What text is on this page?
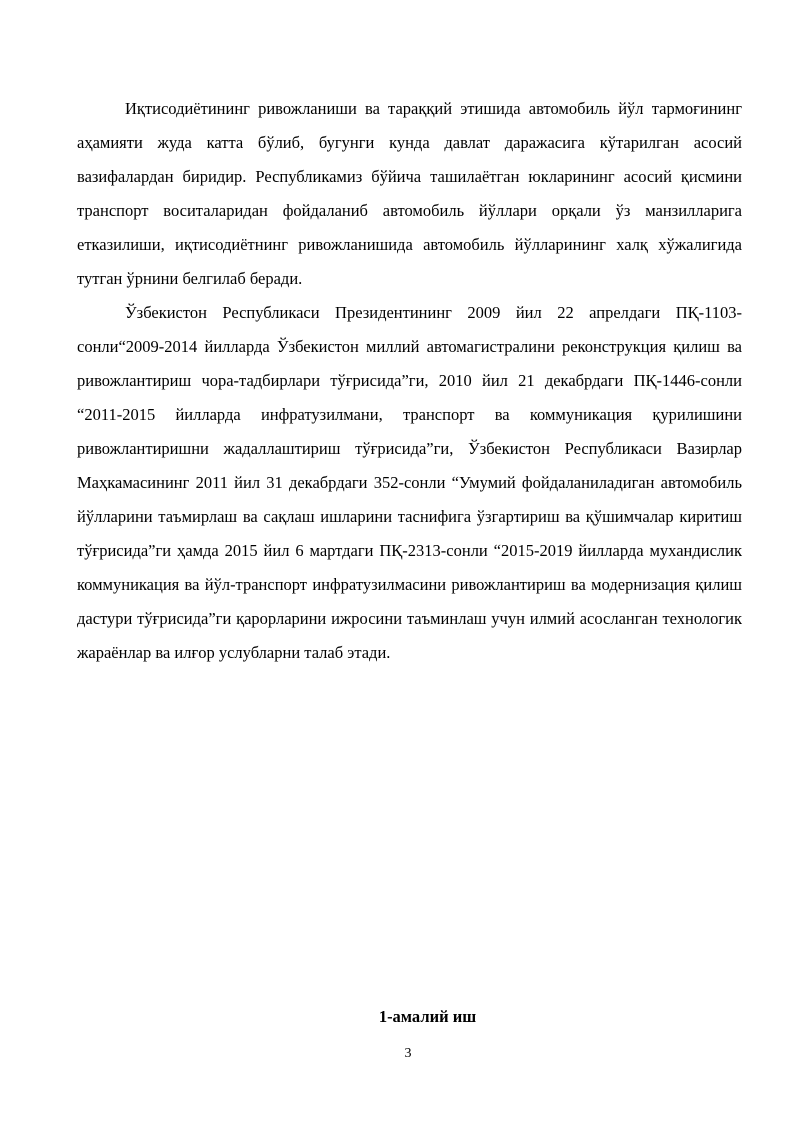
Иқтисодиётининг ривожланиши ва тараққий этишида автомобиль йўл тармоғининг аҳамияти жуда катта бўлиб, бугунги кунда давлат даражасига кўтарилган асосий вазифалардан биридир. Республикамиз бўйича ташилаётган юкларининг асосий қисмини транспорт воситаларидан фойдаланиб автомобиль йўллари орқали ўз манзилларига етказилиши, иқтисодиётнинг ривожланишида автомобиль йўлларининг халқ хўжалигида тутган ўрнини белгилаб беради.

Ўзбекистон Республикаси Президентининг 2009 йил 22 апрелдаги ПҚ-1103-сонли“2009-2014 йилларда Ўзбекистон миллий автомагистралини реконструкция қилиш ва ривожлантириш чора-тадбирлари тўғрисида”ги, 2010 йил 21 декабрдаги ПҚ-1446-сонли “2011-2015 йилларда инфратузилмани, транспорт ва коммуникация қурилишини ривожлантиришни жадаллаштириш тўғрисида”ги, Ўзбекистон Республикаси Вазирлар Маҳкамасининг 2011 йил 31 декабрдаги 352-сонли “Умумий фойдаланиладиган автомобиль йўлларини таъмирлаш ва сақлаш ишларини таснифига ўзгартириш ва қўшимчалар киритиш тўғрисида”ги ҳамда 2015 йил 6 мартдаги ПҚ-2313-сонли “2015-2019 йилларда мухандислик коммуникация ва йўл-транспорт инфратузилмасини ривожлантириш ва модернизация қилиш дастури тўғрисида”ги қарорларини ижросини таъминлаш учун илмий асосланган технологик жараёнлар ва илғор услубларни талаб этади.

1-амалий иш

3
